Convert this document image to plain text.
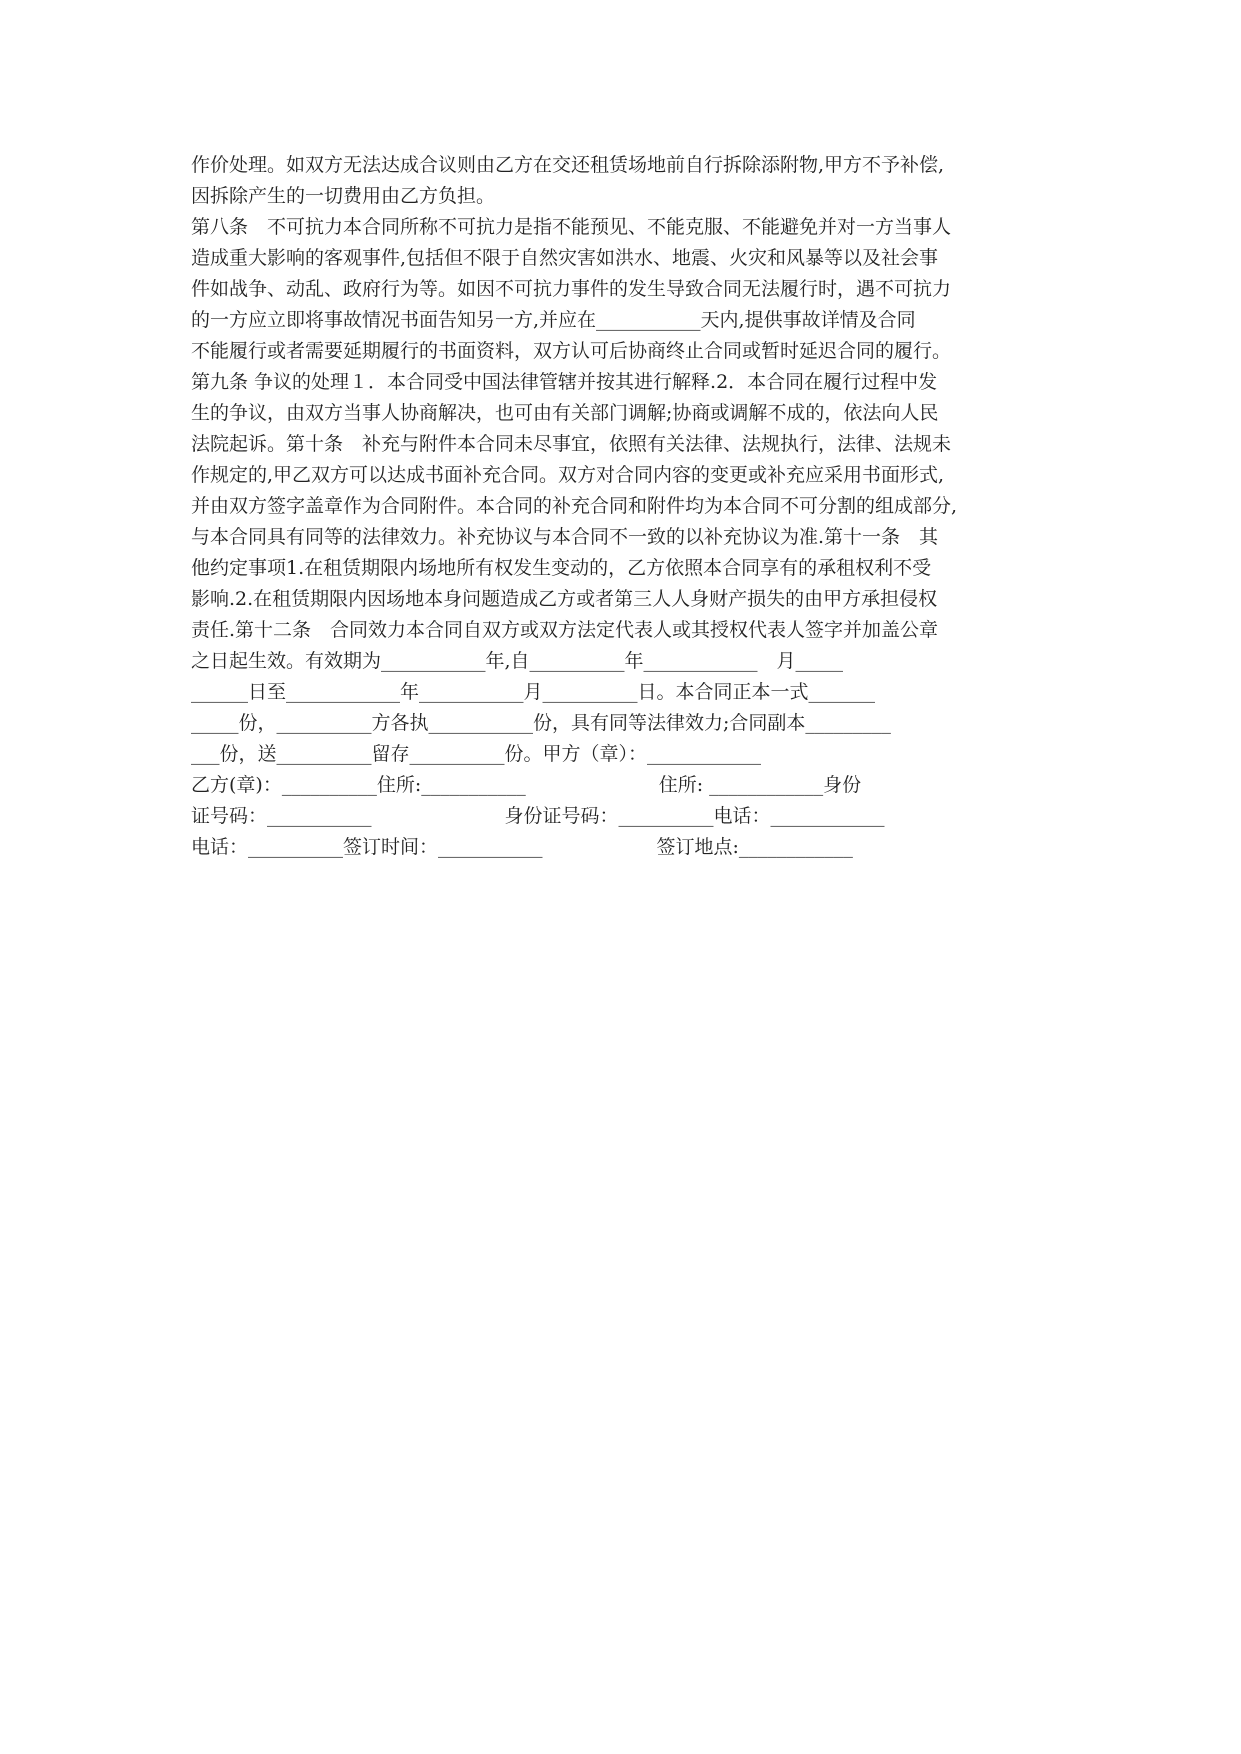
作价处理。如双方无法达成合议则由乙方在交还租赁场地前自行拆除添附物,甲方不予补偿,
因拆除产生的一切费用由乙方负担。
第八条　不可抗力本合同所称不可抗力是指不能预见、不能克服、不能避免并对一方当事人
造成重大影响的客观事件,包括但不限于自然灾害如洪水、地震、火灾和风暴等以及社会事
件如战争、动乱、政府行为等。如因不可抗力事件的发生导致合同无法履行时，遇不可抗力
的一方应立即将事故情况书面告知另一方,并应在___________天内,提供事故详情及合同
不能履行或者需要延期履行的书面资料，双方认可后协商终止合同或暂时延迟合同的履行。
第九条 争议的处理１．本合同受中国法律管辖并按其进行解释.2．本合同在履行过程中发
生的争议，由双方当事人协商解决，也可由有关部门调解;协商或调解不成的，依法向人民
法院起诉。第十条　补充与附件本合同未尽事宜，依照有关法律、法规执行，法律、法规未
作规定的,甲乙双方可以达成书面补充合同。双方对合同内容的变更或补充应采用书面形式,
并由双方签字盖章作为合同附件。本合同的补充合同和附件均为本合同不可分割的组成部分,
与本合同具有同等的法律效力。补充协议与本合同不一致的以补充协议为准.第十一条　其
他约定事项1.在租赁期限内场地所有权发生变动的，乙方依照本合同享有的承租权利不受
影响.2.在租赁期限内因场地本身问题造成乙方或者第三人人身财产损失的由甲方承担侵权
责任.第十二条　合同效力本合同自双方或双方法定代表人或其授权代表人签字并加盖公章
之日起生效。有效期为___________年,自__________年____________　月_____
______日至____________年___________月__________日。本合同正本一式_______
_____份，__________方各执___________份，具有同等法律效力;合同副本_________
___份，送__________留存__________份。甲方（章）：____________
乙方(章)：__________住所:___________　　　　　　　住所: ____________身份
证号码：___________　　　　　　　身份证号码：__________电话：____________
电话：__________签订时间：___________　　　　　　签订地点:____________
